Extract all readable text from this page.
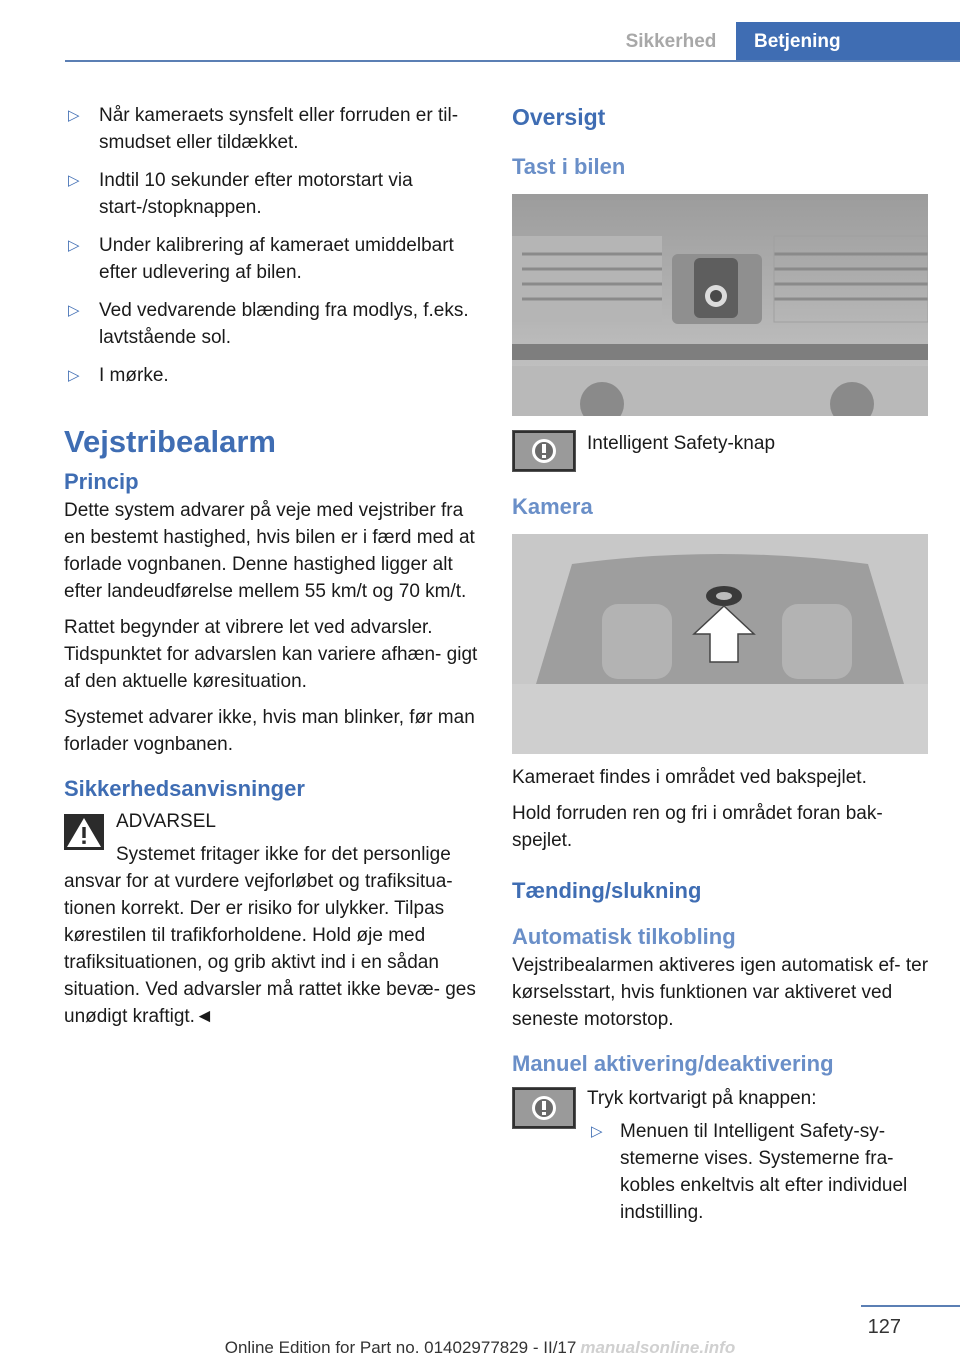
Sikkerhed	Betjening
▷ Når kameraets synsfelt eller forruden er til‐ smudset eller tildækket.
▷ Indtil 10 sekunder efter motorstart via start-/stopknappen.
▷ Under kalibrering af kameraet umiddelbart efter udlevering af bilen.
▷ Ved vedvarende blænding fra modlys, f.eks. lavtstående sol.
▷ I mørke.
Vejstribealarm
Princip

Dette system advarer på veje med vejstriber fra en bestemt hastighed, hvis bilen er i færd med at forlade vognbanen. Denne hastighed ligger alt efter landeudførelse mellem 55 km/t og 70 km/t.

Rattet begynder at vibrere let ved advarsler. Tidspunktet for advarslen kan variere afhæn‐ gigt af den aktuelle køresituation.

Systemet advarer ikke, hvis man blinker, før man forlader vognbanen.

Sikkerhedsanvisninger
ADVARSEL
Systemet fritager ikke for det personlige ansvar for at vurdere vejforløbet og trafiksitua‐ tionen korrekt. Der er risiko for ulykker. Tilpas kørestilen til trafikforholdene. Hold øje med trafiksituationen, og grib aktivt ind i en sådan situation. Ved advarsler må rattet ikke bevæ‐ ges unødigt kraftigt.◄
Oversigt
Tast i bilen
Intelligent Safety-knap
Kamera

Kameraet findes i området ved bakspejlet.

Hold forruden ren og fri i området foran bak‐ spejlet.

Tænding/slukning
Automatisk tilkobling

Vejstribealarmen aktiveres igen automatisk ef‐ ter kørselsstart, hvis funktionen var aktiveret ved seneste motorstop.

Manuel aktivering/deaktivering

Tryk kortvarigt på knappen:

▷ Menuen til Intelligent Safety-sy‐ stemerne vises. Systemerne fra‐ kobles enkeltvis alt efter individuel indstilling.
127
Online Edition for Part no. 01402977829 - II/17 manualsonline.info
